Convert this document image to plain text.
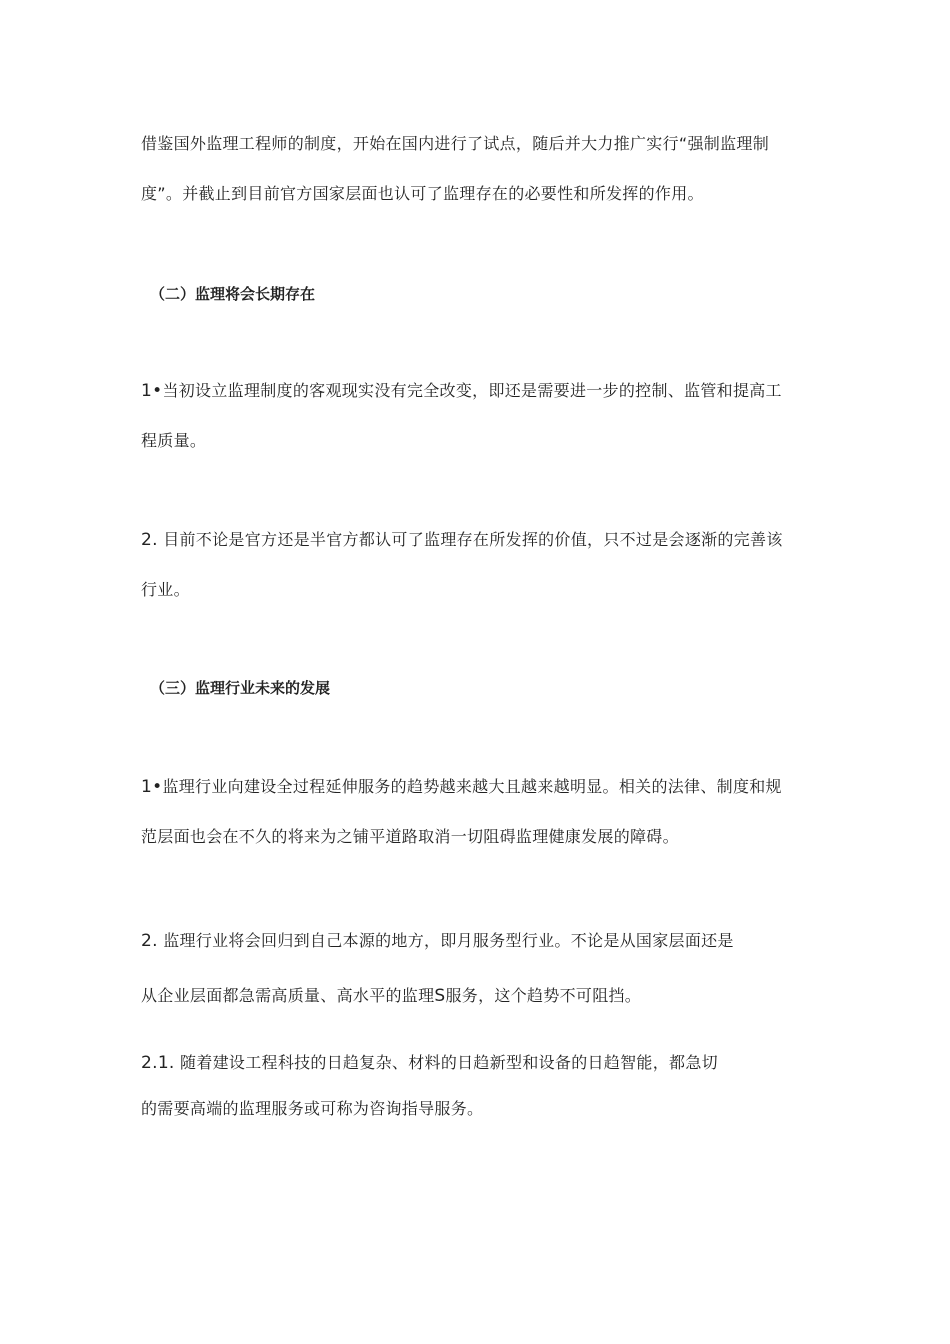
借鉴国外监理工程师的制度，开始在国内进行了试点，随后并大力推广实行“强制监理制
度”。并截止到目前官方国家层面也认可了监理存在的必要性和所发挥的作用。
（二）监理将会长期存在
1•当初设立监理制度的客观现实没有完全改变，即还是需要进一步的控制、监管和提高工
程质量。
2. 目前不论是官方还是半官方都认可了监理存在所发挥的价值，只不过是会逐渐的完善该
行业。
（三）监理行业未来的发展
1•监理行业向建设全过程延伸服务的趋势越来越大且越来越明显。相关的法律、制度和规
范层面也会在不久的将来为之铺平道路取消一切阻碍监理健康发展的障碍。
2. 监理行业将会回归到自己本源的地方，即月服务型行业。不论是从国家层面还是
从企业层面都急需高质量、高水平的监理S服务，这个趋势不可阻挡。
2.1. 随着建设工程科技的日趋复杂、材料的日趋新型和设备的日趋智能，都急切
的需要高端的监理服务或可称为咨询指导服务。
